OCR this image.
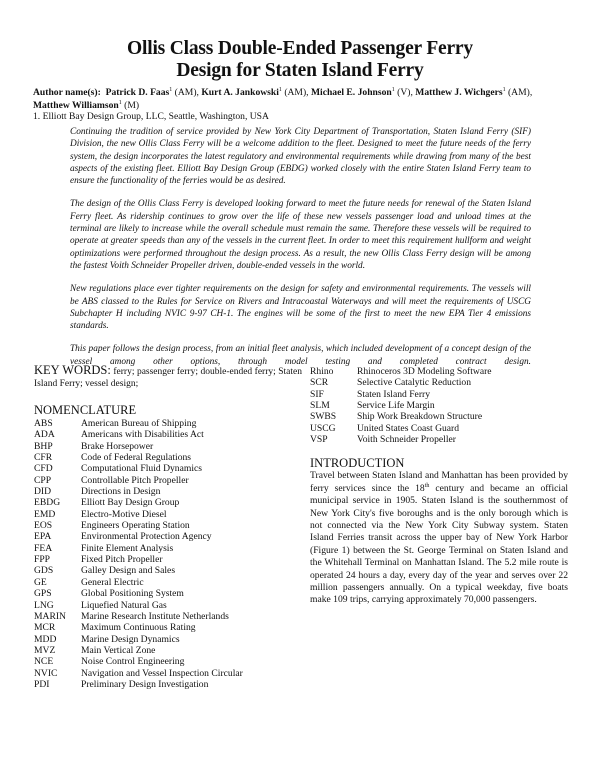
Ollis Class Double-Ended Passenger Ferry
Design for Staten Island Ferry
Author name(s): Patrick D. Faas$^1$ (AM), Kurt A. Jankowski$^1$ (AM), Michael E. Johnson$^1$ (V), Matthew J. Wichgers$^1$ (AM),
Matthew Williamson$^1$ (M)
1. Elliott Bay Design Group, LLC, Seattle, Washington, USA

Continuing the tradition of service provided by New York City Department of Transportation, Staten Island Ferry (SIF) Division, the new Ollis Class Ferry will be a welcome addition to the fleet. Designed to meet the future needs of the ferry system, the design incorporates the latest regulatory and environmental requirements while drawing from many of the best aspects of the existing fleet. Elliott Bay Design Group (EBDG) worked closely with the entire Staten Island Ferry team to ensure the functionality of the ferries would be as desired.

The design of the Ollis Class Ferry is developed looking forward to meet the future needs for renewal of the Staten Island Ferry fleet. As ridership continues to grow over the life of these new vessels passenger load and unload times at the terminal are likely to increase while the overall schedule must remain the same. Therefore these vessels will be required to operate at greater speeds than any of the vessels in the current fleet. In order to meet this requirement hullform and weight optimizations were performed throughout the design process. As a result, the new Ollis Class Ferry design will be among the fastest Voith Schneider Propeller driven, double-ended vessels in the world.

New regulations place ever tighter requirements on the design for safety and environmental requirements. The vessels will be ABS classed to the Rules for Service on Rivers and Intracoastal Waterways and will meet the requirements of USCG Subchapter H including NVIC 9-97 CH-1. The engines will be some of the first to meet the new EPA Tier 4 emissions standards.

This paper follows the design process, from an initial fleet analysis, which included development of a concept design of the vessel among other options, through model testing and completed contract design.

KEY WORDS: ferry; passenger ferry; double-ended ferry; Staten Island Ferry; vessel design;

NOMENCLATURE
ABS	American Bureau of Shipping
ADA	Americans with Disabilities Act
BHP	Brake Horsepower
CFR	Code of Federal Regulations
CFD	Computational Fluid Dynamics
CPP	Controllable Pitch Propeller
DID	Directions in Design
EBDG	Elliott Bay Design Group
EMD	Electro-Motive Diesel
EOS	Engineers Operating Station
EPA	Environmental Protection Agency
FEA	Finite Element Analysis
FPP	Fixed Pitch Propeller
GDS	Galley Design and Sales
GE	General Electric
GPS	Global Positioning System
LNG	Liquefied Natural Gas
MARIN	Marine Research Institute Netherlands
MCR	Maximum Continuous Rating
MDD	Marine Design Dynamics
MVZ	Main Vertical Zone
NCE	Noise Control Engineering
NVIC	Navigation and Vessel Inspection Circular
PDI	Preliminary Design Investigation
Rhino	Rhinoceros 3D Modeling Software
SCR	Selective Catalytic Reduction
SIF	Staten Island Ferry
SLM	Service Life Margin
SWBS	Ship Work Breakdown Structure
USCG	United States Coast Guard
VSP	Voith Schneider Propeller
INTRODUCTION

Travel between Staten Island and Manhattan has been provided by ferry services since the 18th century and became an official municipal service in 1905. Staten Island is the southernmost of New York City's five boroughs and is the only borough which is not connected via the New York City Subway system. Staten Island Ferries transit across the upper bay of New York Harbor (Figure 1) between the St. George Terminal on Staten Island and the Whitehall Terminal on Manhattan Island. The 5.2 mile route is operated 24 hours a day, every day of the year and serves over 22 million passengers annually. On a typical weekday, five boats make 109 trips, carrying approximately 70,000 passengers.
